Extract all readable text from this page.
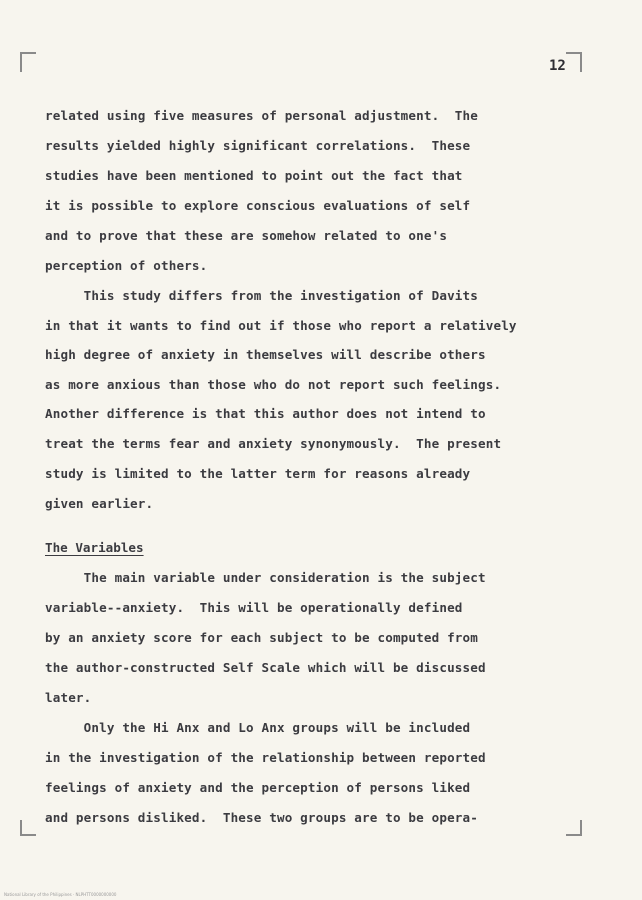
12
related using five measures of personal adjustment.  The
results yielded highly significant correlations.  These
studies have been mentioned to point out the fact that
it is possible to explore conscious evaluations of self
and to prove that these are somehow related to one's
perception of others.
This study differs from the investigation of Davits
in that it wants to find out if those who report a relatively
high degree of anxiety in themselves will describe others
as more anxious than those who do not report such feelings.
Another difference is that this author does not intend to
treat the terms fear and anxiety synonymously.  The present
study is limited to the latter term for reasons already
given earlier.
The Variables
The main variable under consideration is the subject
variable--anxiety.  This will be operationally defined
by an anxiety score for each subject to be computed from
the author-constructed Self Scale which will be discussed
later.
Only the Hi Anx and Lo Anx groups will be included
in the investigation of the relationship between reported
feelings of anxiety and the perception of persons liked
and persons disliked.  These two groups are to be opera-
National Library of the Philippines · NLPHTT0000000000
